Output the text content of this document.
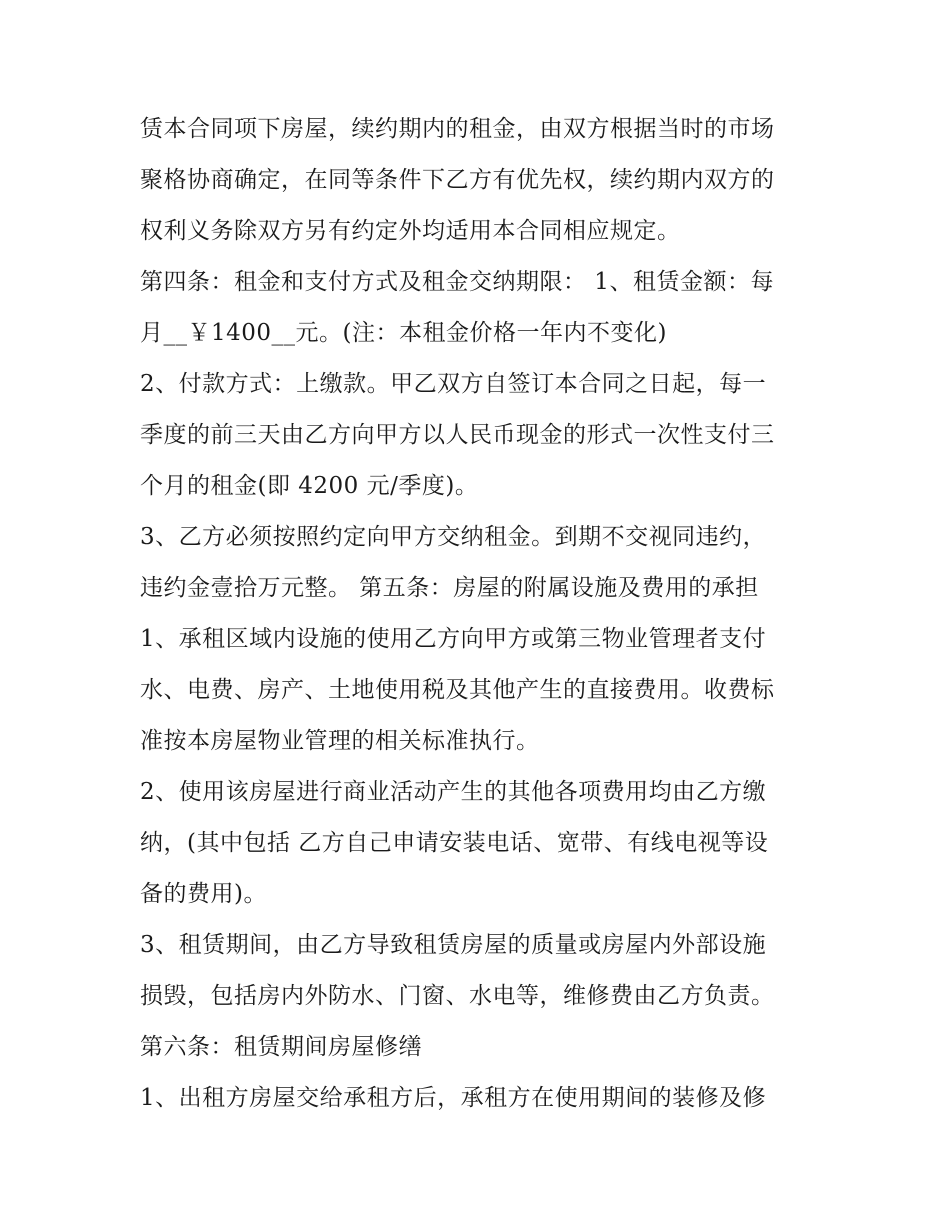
赁本合同项下房屋，续约期内的租金，由双方根据当时的市场
聚格协商确定，在同等条件下乙方有优先权，续约期内双方的
权利义务除双方另有约定外均适用本合同相应规定。
第四条：租金和支付方式及租金交纳期限： 1、租赁金额：每
月__￥1400__元。(注：本租金价格一年内不变化)
2、付款方式：上缴款。甲乙双方自签订本合同之日起，每一
季度的前三天由乙方向甲方以人民币现金的形式一次性支付三
个月的租金(即 4200 元/季度)。
3、乙方必须按照约定向甲方交纳租金。到期不交视同违约，
违约金壹拾万元整。 第五条：房屋的附属设施及费用的承担
1、承租区域内设施的使用乙方向甲方或第三物业管理者支付
水、电费、房产、土地使用税及其他产生的直接费用。收费标
准按本房屋物业管理的相关标准执行。
2、使用该房屋进行商业活动产生的其他各项费用均由乙方缴
纳，(其中包括 乙方自己申请安装电话、宽带、有线电视等设
备的费用)。
3、租赁期间，由乙方导致租赁房屋的质量或房屋内外部设施
损毁，包括房内外防水、门窗、水电等，维修费由乙方负责。
第六条：租赁期间房屋修缮
1、出租方房屋交给承租方后，承租方在使用期间的装修及修
